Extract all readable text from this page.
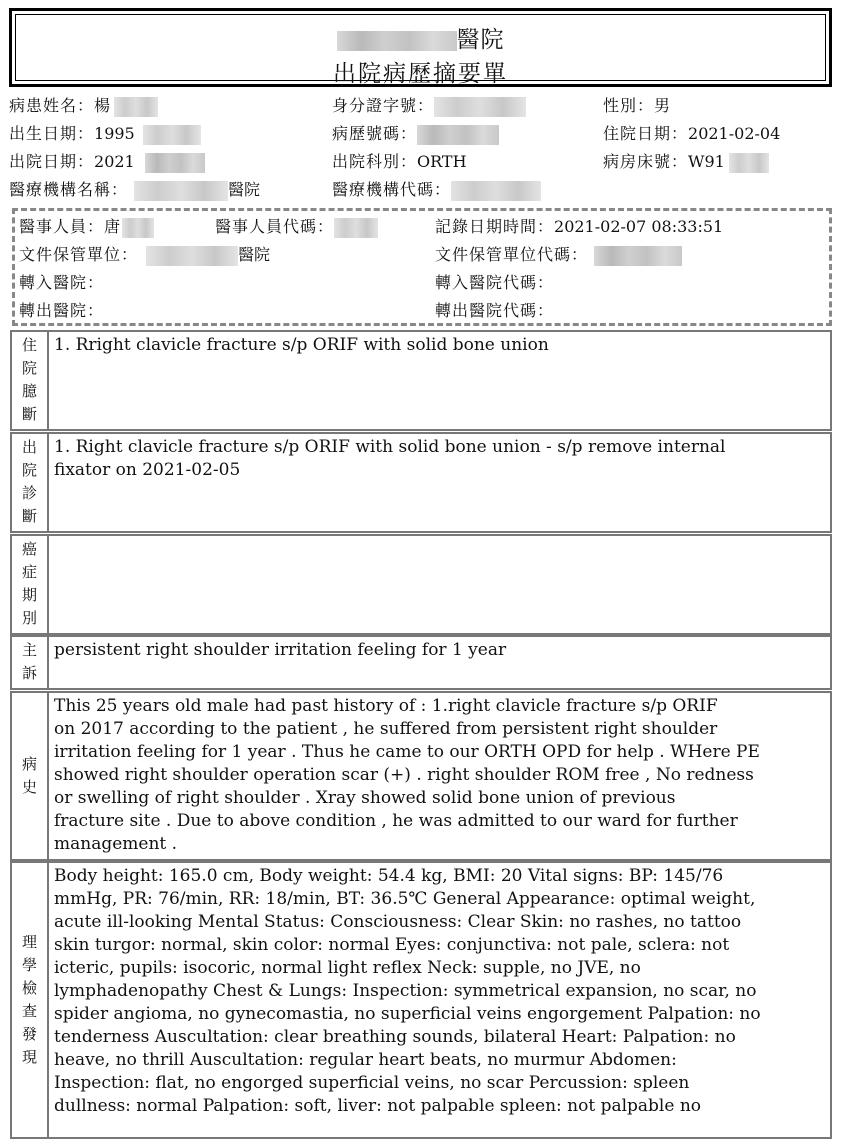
醫院
出院病歷摘要單
病患姓名：楊	身分證字號：	性別：男
出生日期：1995	病歷號碼：	住院日期：2021-02-04
出院日期：2021	出院科別：ORTH	病房床號：W91
醫療機構名稱：	醫院	醫療機構代碼：
醫事人員：唐	醫事人員代碼：	記錄日期時間：2021-02-07 08:33:51
文件保管單位：	醫院	文件保管單位代碼：
轉入醫院：	轉入醫院代碼：
轉出醫院：	轉出醫院代碼：
住
院
臆
斷
1. Rright clavicle fracture s/p ORIF with solid bone union
出
院
診
斷
1. Right clavicle fracture s/p ORIF with solid bone union - s/p remove internal
fixator on 2021-02-05
癌
症
期
別
主
訴
persistent right shoulder irritation feeling for 1 year
病
史
This 25 years old male had past history of : 1.right clavicle fracture s/p ORIF
on 2017 according to the patient , he suffered from persistent right shoulder
irritation feeling for 1 year . Thus he came to our ORTH OPD for help . WHere PE
showed right shoulder operation scar (+) . right shoulder ROM free , No redness
or swelling of right shoulder . Xray showed solid bone union of previous
fracture site . Due to above condition , he was admitted to our ward for further
management .
理
學
檢
查
發
現
Body height: 165.0 cm, Body weight: 54.4 kg, BMI: 20 Vital signs: BP: 145/76
mmHg, PR: 76/min, RR: 18/min, BT: 36.5℃ General Appearance: optimal weight,
acute ill-looking Mental Status: Consciousness: Clear Skin: no rashes, no tattoo
skin turgor: normal, skin color: normal Eyes: conjunctiva: not pale, sclera: not
icteric, pupils: isocoric, normal light reflex Neck: supple, no JVE, no
lymphadenopathy Chest & Lungs: Inspection: symmetrical expansion, no scar, no
spider angioma, no gynecomastia, no superficial veins engorgement Palpation: no
tenderness Auscultation: clear breathing sounds, bilateral Heart: Palpation: no
heave, no thrill Auscultation: regular heart beats, no murmur Abdomen:
Inspection: flat, no engorged superficial veins, no scar Percussion: spleen
dullness: normal Palpation: soft, liver: not palpable spleen: not palpable no
